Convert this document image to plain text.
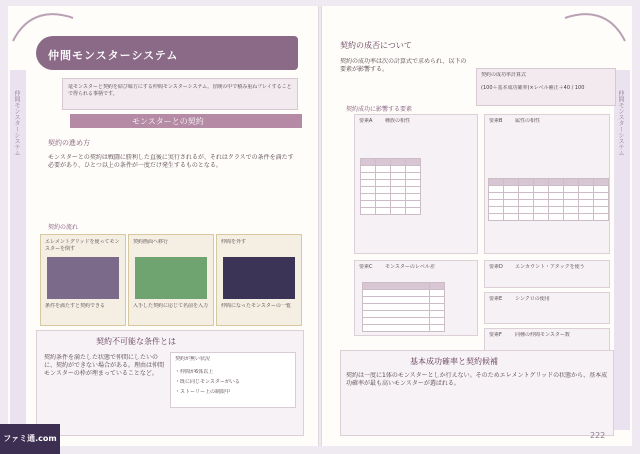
仲間モンスターシステム	仲間モンスターシステム
仲間モンスターシステム
竜モンスターと契約を結び味方にする仲間モンスターシステム。冒険の中で積み重ねプレイすることで得られる事柄です。
モンスターとの契約
契約の進め方
モンスターとの契約は戦闘に勝利した直後に実行されるが、それはクラスでの条件を満たす必要があり、ひとつ以上の条件が一度だけ発生するものとなる。
契約の流れ
エレメントグリッドを使ってモンスターを倒す
条件を満たすと契約できる
契約画面へ移行
入手した契約に応じて名前を入力
仲間を外す
仲間になったモンスターの一覧
契約不可能な条件とは
契約条件を満たした状態で仲間にしたいのに、契約ができない場合がある。理由は仲間モンスターの枠が埋まっていることなど。
契約が無い状況
・仲間が6体以上
・既に同じモンスターがいる
・ストーリー上の制限中
契約の成否について
契約の成功率は次の計算式で求められ、以下の要素が影響する。
契約の成功率計算式
(100＋基本成功確率)×レベル補正＋40 / 100
契約成功に影響する要素
要素A	種族の相性

				要素B	属性の相性

要素C	モンスターのレベル差

		要素D エンカウント・アタックを使う
要素E	シンクロの使用
要素F	同種の仲間モンスター数
基本成功確率と契約候補
契約は一度に1体のモンスターとしか行えない。そのためエレメントグリッドの状態から、基本成功確率が最も高いモンスターが選ばれる。
222
ファミ通.com
